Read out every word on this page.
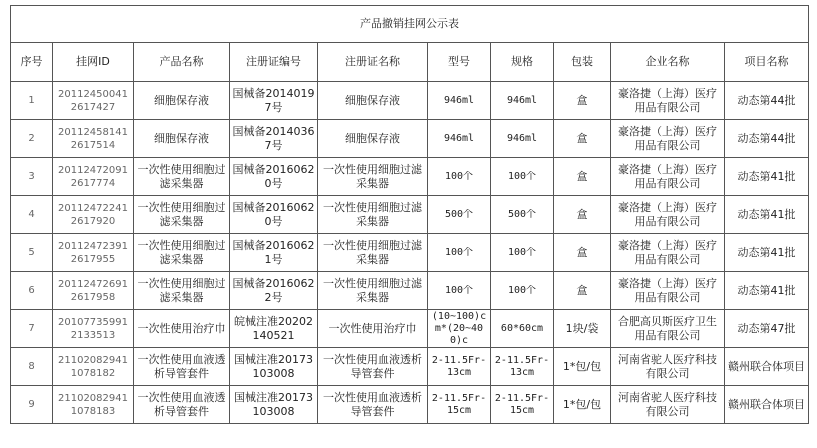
产品撤销挂网公示表									
序号	挂网ID	产品名称	注册证编号	注册证名称	型号	规格	包装	企业名称	项目名称

1	201124500412617427	细胞保存液	国械备20140197号	细胞保存液	946ml	946ml	盒	豪洛捷（上海）医疗用品有限公司	动态第44批

2	201124581412617514	细胞保存液	国械备20140367号	细胞保存液	946ml	946ml	盒	豪洛捷（上海）医疗用品有限公司	动态第44批

3	201124720912617774	一次性使用细胞过滤采集器	国械备20160620号	一次性使用细胞过滤采集器	100个	100个	盒	豪洛捷（上海）医疗用品有限公司	动态第41批

4	201124722412617920	一次性使用细胞过滤采集器	国械备20160620号	一次性使用细胞过滤采集器	500个	500个	盒	豪洛捷（上海）医疗用品有限公司	动态第41批

5	201124723912617955	一次性使用细胞过滤采集器	国械备20160621号	一次性使用细胞过滤采集器	100个	100个	盒	豪洛捷（上海）医疗用品有限公司	动态第41批

6	201124726912617958	一次性使用细胞过滤采集器	国械备20160622号	一次性使用细胞过滤采集器	100个	100个	盒	豪洛捷（上海）医疗用品有限公司	动态第41批

7	201077359912133513	一次性使用治疗巾	皖械注准20202140521	一次性使用治疗巾	(10~100)cm*(20~400)c	60*60cm	1块/袋	合肥高贝斯医疗卫生用品有限公司	动态第47批

8	211020829411078182	一次性使用血液透析导管套件	国械注准20173103008	一次性使用血液透析导管套件	2-11.5Fr-13cm	2-11.5Fr-13cm	1*包/包	河南省驼人医疗科技有限公司	赣州联合体项目

9	211020829411078183	一次性使用血液透析导管套件	国械注准20173103008	一次性使用血液透析导管套件	2-11.5Fr-15cm	2-11.5Fr-15cm	1*包/包	河南省驼人医疗科技有限公司	赣州联合体项目
